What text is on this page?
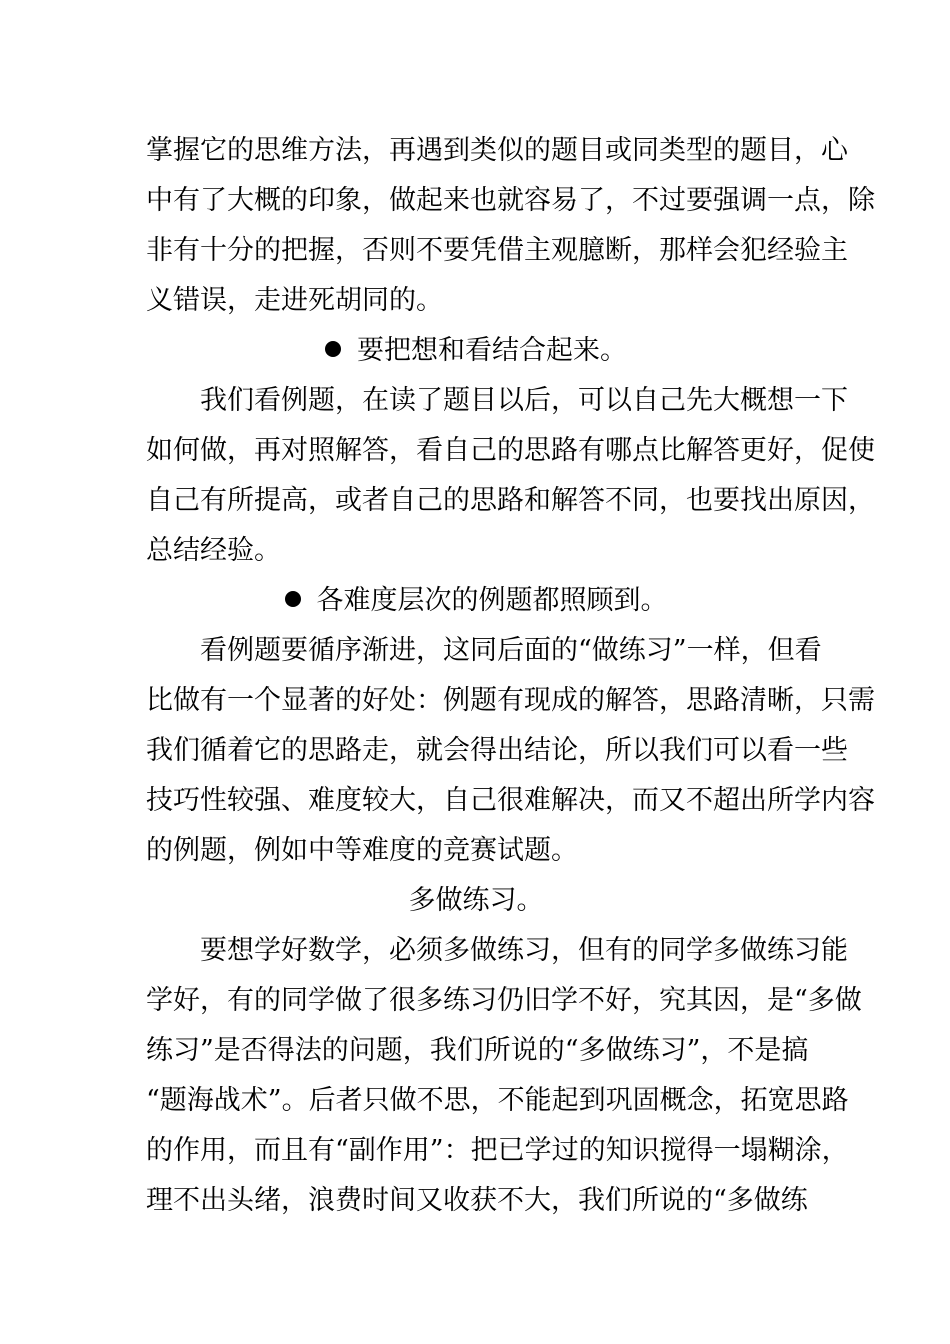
掌握它的思维方法，再遇到类似的题目或同类型的题目，心
中有了大概的印象，做起来也就容易了，不过要强调一点，除
非有十分的把握，否则不要凭借主观臆断，那样会犯经验主
义错误，走进死胡同的。
要把想和看结合起来。
我们看例题，在读了题目以后，可以自己先大概想一下
如何做，再对照解答，看自己的思路有哪点比解答更好，促使
自己有所提高，或者自己的思路和解答不同，也要找出原因，
总结经验。
各难度层次的例题都照顾到。
看例题要循序渐进，这同后面的“做练习”一样，但看
比做有一个显著的好处：例题有现成的解答，思路清晰，只需
我们循着它的思路走，就会得出结论，所以我们可以看一些
技巧性较强、难度较大，自己很难解决，而又不超出所学内容
的例题，例如中等难度的竞赛试题。
多做练习。
要想学好数学，必须多做练习，但有的同学多做练习能
学好，有的同学做了很多练习仍旧学不好，究其因，是“多做
练习”是否得法的问题，我们所说的“多做练习”，不是搞
“题海战术”。后者只做不思，不能起到巩固概念，拓宽思路
的作用，而且有“副作用”：把已学过的知识搅得一塌糊涂，
理不出头绪，浪费时间又收获不大，我们所说的“多做练
